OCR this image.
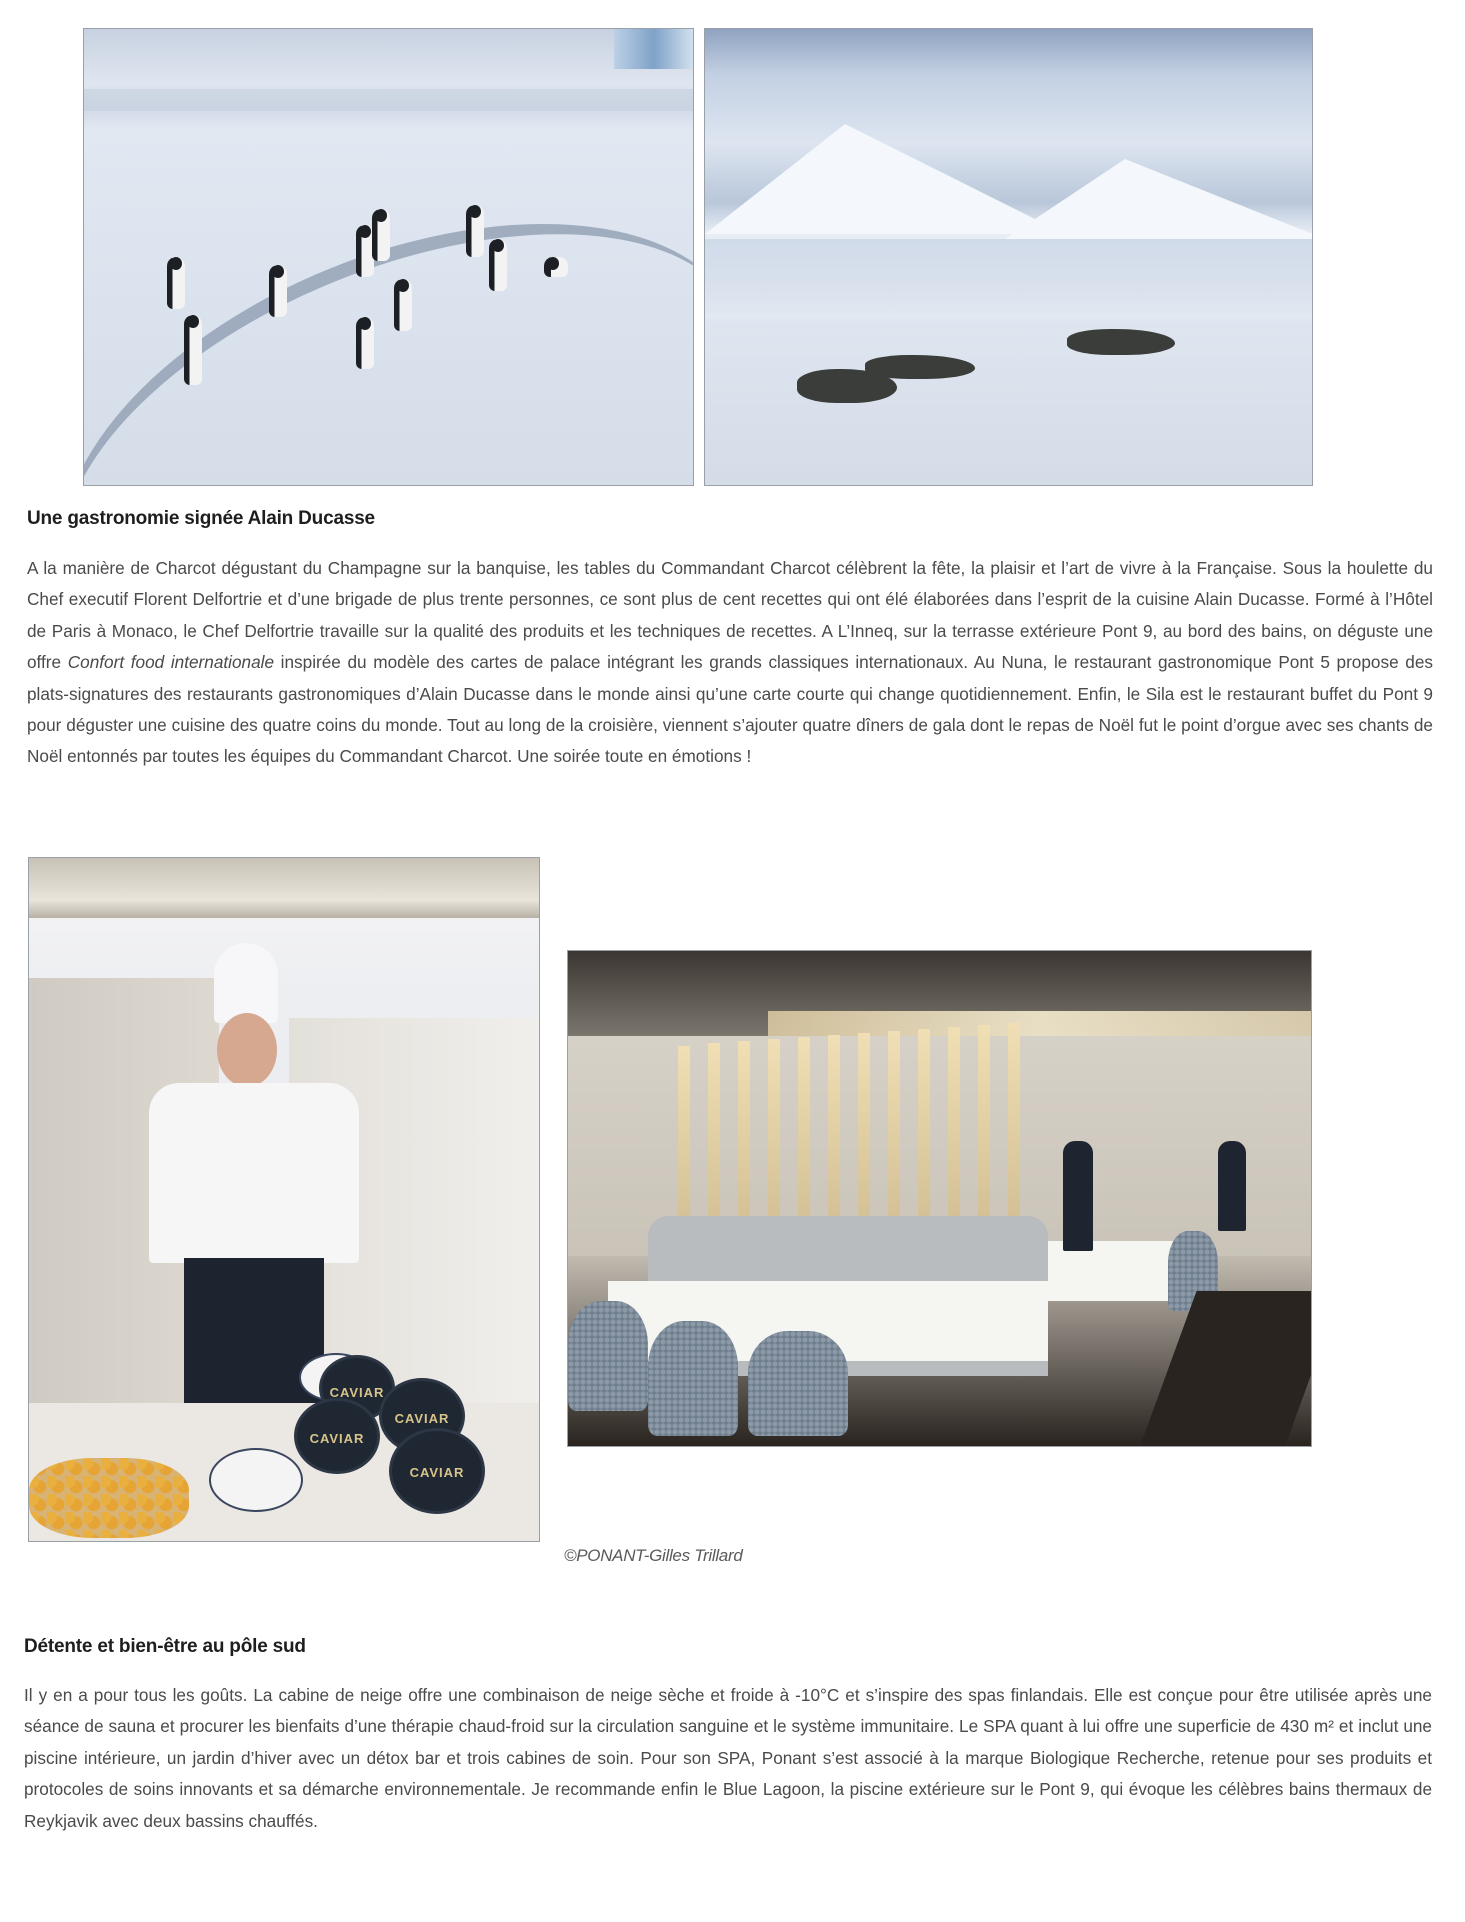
Une gastronomie signée Alain Ducasse

A la manière de Charcot dégustant du Champagne sur la banquise, les tables du Commandant Charcot célèbrent la fête, la plaisir et l’art de vivre à la Française. Sous la houlette du Chef executif Florent Delfortrie et d’une brigade de plus trente personnes, ce sont plus de cent recettes qui ont élé élaborées dans l’esprit de la cuisine Alain Ducasse. Formé à l’Hôtel de Paris à Monaco, le Chef Delfortrie travaille sur la qualité des produits et les techniques de recettes. A L’Inneq, sur la terrasse extérieure Pont 9, au bord des bains, on déguste une offre Confort food internationale inspirée du modèle des cartes de palace intégrant les grands classiques internationaux. Au Nuna, le restaurant gastronomique Pont 5 propose des plats-signatures des restaurants gastronomiques d’Alain Ducasse dans le monde ainsi qu’une carte courte qui change quotidiennement. Enfin, le Sila est le restaurant buffet du Pont 9 pour déguster une cuisine des quatre coins du monde. Tout au long de la croisière, viennent s’ajouter quatre dîners de gala dont le repas de Noël fut le point d’orgue avec ses chants de Noël entonnés par toutes les équipes du Commandant Charcot. Une soirée toute en émotions !

CAVIAR
CAVIAR
CAVIAR
CAVIAR
©PONANT-Gilles Trillard
Détente et bien-être au pôle sud

Il y en a pour tous les goûts. La cabine de neige offre une combinaison de neige sèche et froide à -10°C et s’inspire des spas finlandais. Elle est conçue pour être utilisée après une séance de sauna et procurer les bienfaits d’une thérapie chaud-froid sur la circulation sanguine et le système immunitaire. Le SPA quant à lui offre une superficie de 430 m² et inclut une piscine intérieure, un jardin d’hiver avec un détox bar et trois cabines de soin. Pour son SPA, Ponant s’est associé à la marque Biologique Recherche, retenue pour ses produits et protocoles de soins innovants et sa démarche environnementale. Je recommande enfin le Blue Lagoon, la piscine extérieure sur le Pont 9, qui évoque les célèbres bains thermaux de Reykjavik avec deux bassins chauffés.
